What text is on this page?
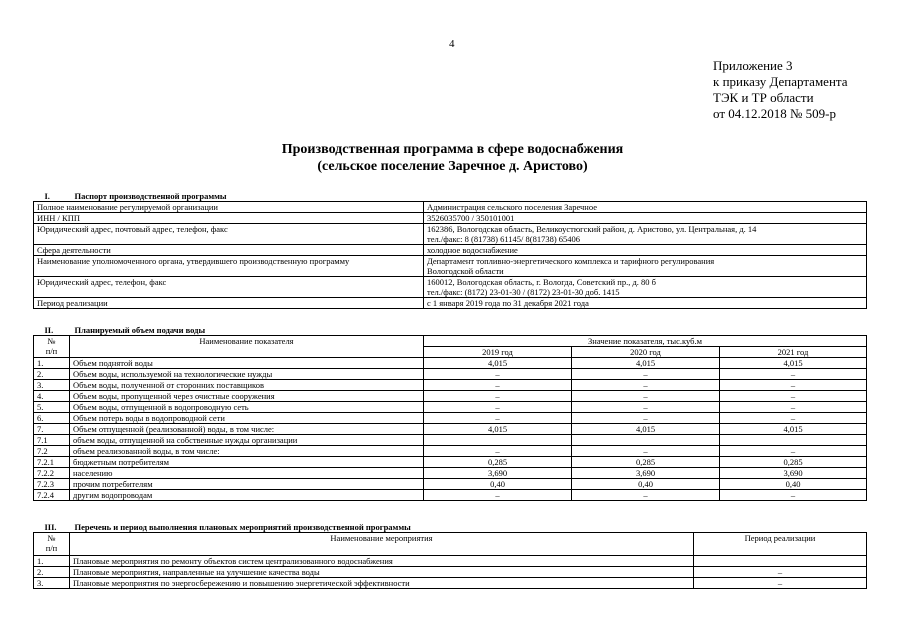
4
Приложение 3
к приказу Департамента
ТЭК и ТР области
от 04.12.2018 № 509-р
Производственная программа в сфере водоснабжения
(сельское поселение Заречное д. Аристово)
I. Паспорт производственной программы	
Полное наименование регулируемой организации	Администрация сельского поселения Заречное

ИНН / КПП	3526035700 / 350101001

Юридический адрес, почтовый адрес, телефон, факс	162386, Вологодская область, Великоустюгский район, д. Аристово, ул. Центральная, д. 14
тел./факс: 8 (81738) 61145/ 8(81738) 65406

Сфера деятельности	холодное водоснабжение

Наименование уполномоченного органа, утвердившего производственную программу	Департамент топливно-энергетического комплекса и тарифного регулирования
Вологодской области

Юридический адрес, телефон, факс	160012, Вологодская область, г. Вологда, Советский пр., д. 80 б
тел./факс: (8172) 23-01-30 / (8172) 23-01-30 доб. 1415

Период реализации	с 1 января 2019 года по 31 декабря 2021 года
II. Планируемый объем подачи воды				

№
п/п	Наименование показателя	Значение показателя, тыс.куб.м		
		2019 год	2020 год	2021 год
1.	Объем поднятой воды	4,015	4,015	4,015
2.	Объем воды, используемой на технологические нужды	–	–	–
3.	Объем воды, полученной от сторонних поставщиков	–	–	–
4.	Объем воды, пропущенной через очистные сооружения	–	–	–
5.	Объем воды, отпущенной в водопроводную сеть	–	–	–
6.	Объем потерь воды в водопроводной сети	–	–	–
7.	Объем отпущенной (реализованной) воды, в том числе:	4,015	4,015	4,015
7.1	объем воды, отпущенной на собственные нужды организации			
7.2	объем реализованной воды, в том числе:	–	–	–
7.2.1	бюджетным потребителям	0,285	0,285	0,285
7.2.2	населению	3,690	3,690	3,690
7.2.3	прочим потребителям	0,40	0,40	0,40
7.2.4	другим водопроводам	–	–	–
III. Перечень и период выполнения плановых мероприятий производственной программы		

№
п/п	Наименование мероприятия	Период реализации
1.	Плановые мероприятия по ремонту объектов систем централизованного водоснабжения	
2.	Плановые мероприятия, направленные на улучшение качества воды	–
3.	Плановые мероприятия по энергосбережению и повышению энергетической эффективности	–
